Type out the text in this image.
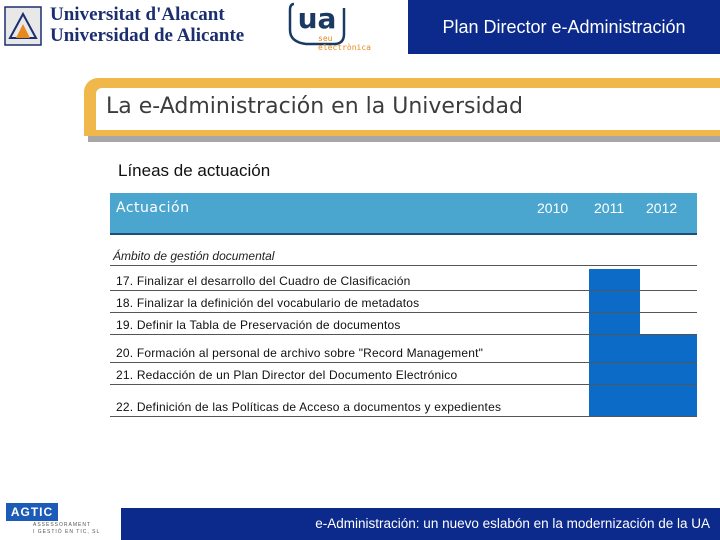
Universitat d'Alacant
Universidad de Alicante
ua
seu
electrònica
Plan Director e-Administración
La e-Administración en la Universidad
Líneas de actuación
Actuación	2010 2011 2012
Ámbito de gestión documental
17. Finalizar el desarrollo del Cuadro de Clasificación
18. Finalizar la definición del vocabulario de metadatos
19. Definir la Tabla de Preservación de documentos
20. Formación al personal de archivo sobre "Record Management"
21. Redacción de un Plan Director del Documento Electrónico
22. Definición de las Políticas de Acceso a documentos y expedientes
AGTIC
ASSESSORAMENT
I GESTIÓ EN TIC, SL
e-Administración: un nuevo eslabón en la modernización de la UA
